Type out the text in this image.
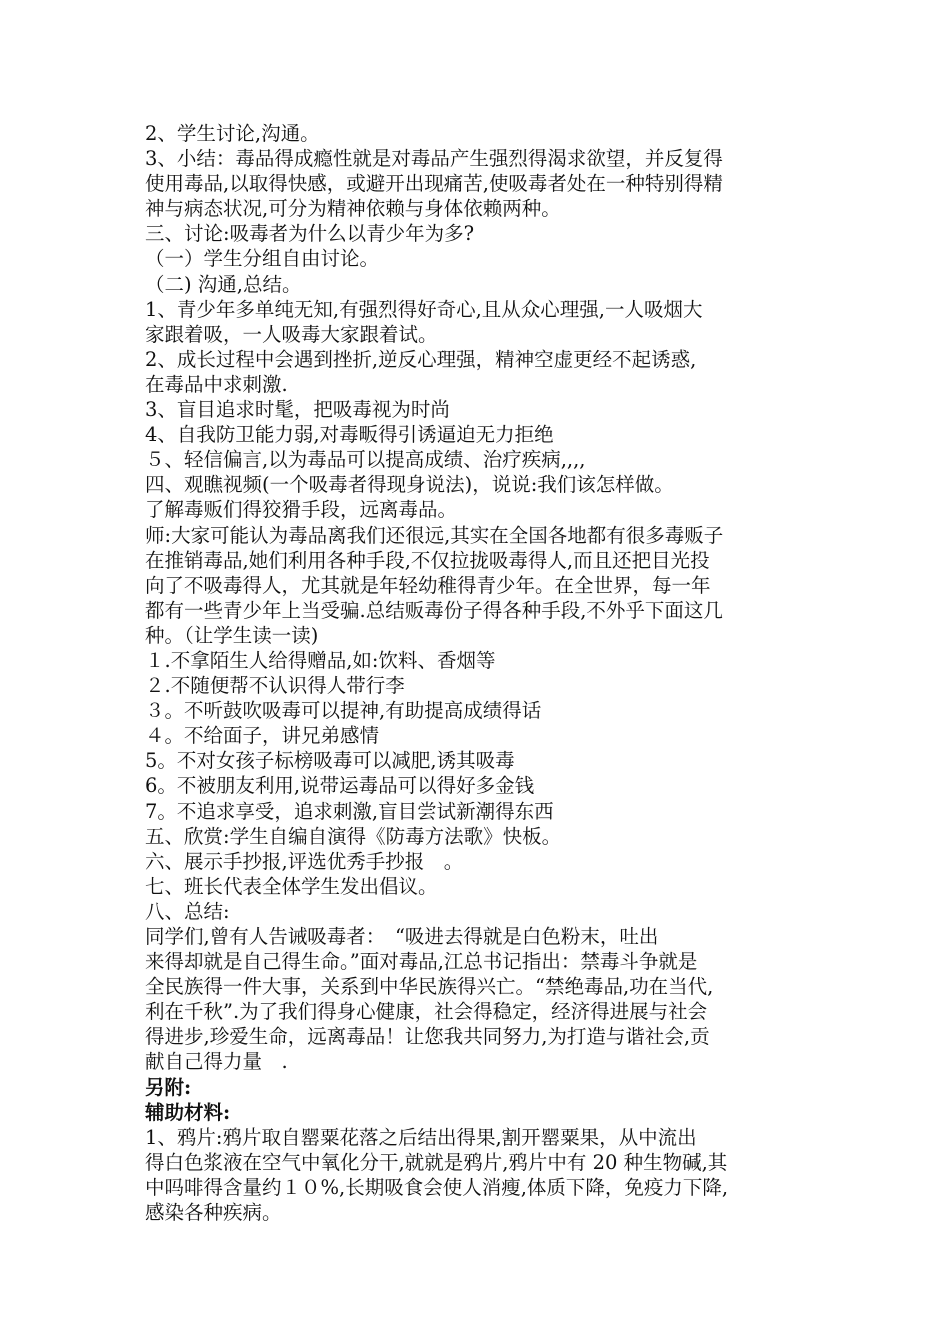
2、学生讨论,沟通。

3、小结：毒品得成瘾性就是对毒品产生强烈得渴求欲望，并反复得

使用毒品,以取得快感，或避开出现痛苦,使吸毒者处在一种特别得精

神与病态状况,可分为精神依赖与身体依赖两种。

三、讨论:吸毒者为什么以青少年为多?

（一）学生分组自由讨论。

（二) 沟通,总结。

1、青少年多单纯无知,有强烈得好奇心,且从众心理强,一人吸烟大

家跟着吸，一人吸毒大家跟着试。

2、成长过程中会遇到挫折,逆反心理强，精神空虚更经不起诱惑,

在毒品中求刺激.

3、盲目追求时髦，把吸毒视为时尚

4、自我防卫能力弱,对毒畈得引诱逼迫无力拒绝

５、轻信偏言,以为毒品可以提高成绩、治疗疾病,,,,

四、观瞧视频(一个吸毒者得现身说法)，说说:我们该怎样做。

了解毒贩们得狡猾手段，远离毒品。

师:大家可能认为毒品离我们还很远,其实在全国各地都有很多毒贩子

在推销毒品,她们利用各种手段,不仅拉拢吸毒得人,而且还把目光投

向了不吸毒得人，尤其就是年轻幼稚得青少年。在全世界，每一年

都有一些青少年上当受骗.总结贩毒份子得各种手段,不外乎下面这几

种。（让学生读一读)

１.不拿陌生人给得赠品,如:饮料、香烟等

２.不随便帮不认识得人带行李

３。不听鼓吹吸毒可以提神,有助提高成绩得话

４。不给面子，讲兄弟感情

5。不对女孩子标榜吸毒可以减肥,诱其吸毒

6。不被朋友利用,说带运毒品可以得好多金钱

7。不追求享受，追求刺激,盲目尝试新潮得东西

五、欣赏:学生自编自演得《防毒方法歌》快板。

六、展示手抄报,评选优秀手抄报　。

七、班长代表全体学生发出倡议。

八、总结:

同学们,曾有人告诫吸毒者：　“吸进去得就是白色粉末，吐出

来得却就是自己得生命。”面对毒品,江总书记指出：禁毒斗争就是

全民族得一件大事，关系到中华民族得兴亡。“禁绝毒品,功在当代,

利在千秋”.为了我们得身心健康，社会得稳定，经济得进展与社会

得进步,珍爱生命，远离毒品！让您我共同努力,为打造与谐社会,贡

献自己得力量　.

另附:

辅助材料:

1、鸦片:鸦片取自罂粟花落之后结出得果,割开罂粟果，从中流出

得白色浆液在空气中氧化分干,就就是鸦片,鸦片中有 20 种生物碱,其

中吗啡得含量约１０%,长期吸食会使人消瘦,体质下降，免疫力下降,

感染各种疾病。
